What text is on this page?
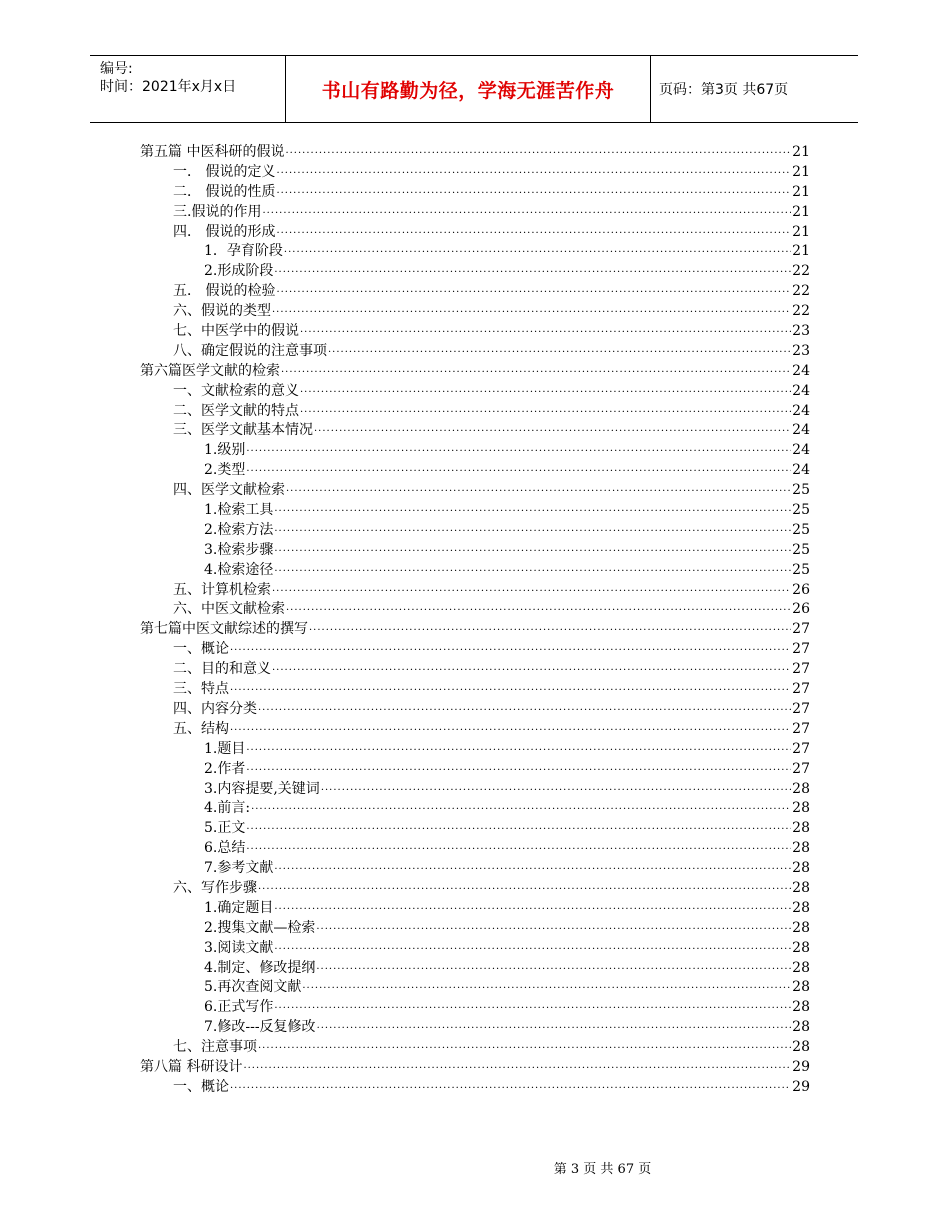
编号:
时间：2021年x月x日	书山有路勤为径，学海无涯苦作舟	页码：第3页 共67页
第五篇 中医科研的假说 ·····	21
一． 假说的定义 ·····	21
二． 假说的性质 ·····	21
三.假说的作用 ·····	21
四． 假说的形成 ·····	21
1．孕育阶段 ·····	21
2.形成阶段 ·····	22
五． 假说的检验 ·····	22
六、假说的类型 ·····	22
七、中医学中的假说 ·····	23
八、确定假说的注意事项 ·····	23
第六篇医学文献的检索 ·····	24
一、文献检索的意义 ·····	24
二、医学文献的特点 ·····	24
三、医学文献基本情况 ·····	24
1.级别 ·····	24
2.类型 ·····	24
四、医学文献检索 ·····	25
1.检索工具 ·····	25
2.检索方法 ·····	25
3.检索步骤 ·····	25
4.检索途径 ·····	25
五、计算机检索 ·····	26
六、中医文献检索 ·····	26
第七篇中医文献综述的撰写 ·····	27
一、概论 ·····	27
二、目的和意义 ·····	27
三、特点 ·····	27
四、内容分类 ·····	27
五、结构 ·····	27
1.题目 ·····	27
2.作者 ·····	27
3.内容提要,关键词 ·····	28
4.前言: ·····	28
5.正文 ·····	28
6.总结 ·····	28
7.参考文献 ·····	28
六、写作步骤 ·····	28
1.确定题目 ·····	28
2.搜集文献—检索 ·····	28
3.阅读文献 ·····	28
4.制定、修改提纲 ·····	28
5.再次查阅文献 ·····	28
6.正式写作 ·····	28
7.修改---反复修改 ·····	28
七、注意事项 ·····	28
第八篇 科研设计 ·····	29
一、概论 ·····	29
第 3 页 共 67 页
